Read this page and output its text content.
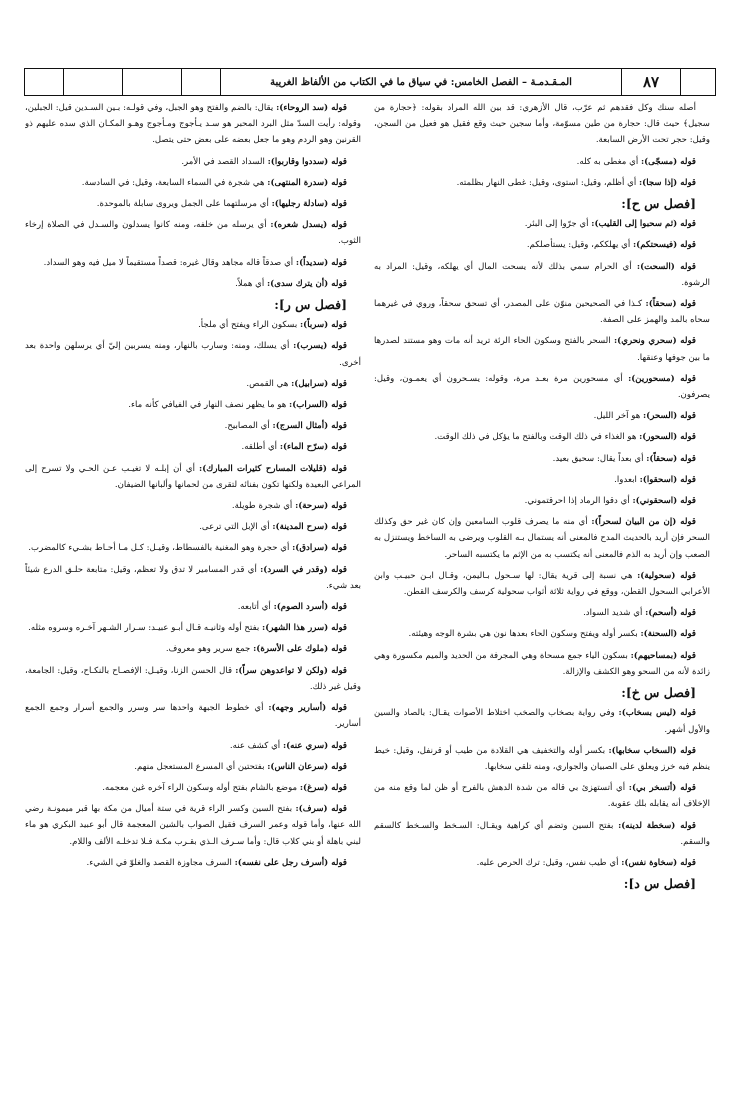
المـقـدمـة – الفصل الخامس: في سياق ما في الكتاب من الألفاظ الغريبة	٨٧

أصله سنك وكل فقدهم ثم عرّب، قال الأزهري: قد بين الله المراد بقوله: ﴿حجارة من سجيل﴾ حيث قال: حجارة من طين مسوّمة، وأما سجين حيث وقع فقيل هو فعيل من السجن، وقيل: حجر تحت الأرض السابعة.

قوله (مسجّى): أي مغطى به كله.

قوله (إذا سجا): أي أظلم، وقيل: استوى، وقيل: غطى النهار بظلمته.

[فصل س ح]:

قوله (ثم سحبوا إلى القليب): أي جرّوا إلى البئر.

قوله (فيسحتكم): أي يهلككم، وقيل: يستأصلكم.

قوله (السحت): أي الحرام سمي بذلك لأنه يسحت المال أي يهلكه، وقيل: المراد به الرشوة.

قوله (سحقاً): كـذا في الصحيحين منوّن على المصدر، أي تسحق سحقاً، وروي في غيرهما سحاه بالمد والهمز على الصفة.

قوله (سحري ونحري): السحر بالفتح وسكون الحاء الرئة تريد أنه مات وهو مستند لصدرها ما بين جوفها وعنقها.

قوله (مسحورين): أي مسحورين مرة بعـد مرة، وقوله: يسـحرون أي يعمـون، وقيل: يصرفون.

قوله (السحر): هو آخر الليل.

قوله (السحور): هو الغذاء في ذلك الوقت وبالفتح ما يؤكل في ذلك الوقت.

قوله (سحقاً): أي بعداً يقال: سحيق بعيد.

قوله (اسحقوا): ابعدوا.

قوله (اسحقوني): أي دقوا الرماد إذا احرقتموني.

قوله (إن من البيان لسحراً): أي منه ما يصرف قلوب السامعين وإن كان غير حق وكذلك السحر فإن أريد بالحديث المدح فالمعنى أنه يستمال بـه القلوب ويرضى به الساخط ويستنزل به الصعب وإن أريد به الذم فالمعنى أنه يكتسب به من الإثم ما يكتسبه الساحر.

قوله (سحولية): هي نسبة إلى قرية يقال: لها سـحول بـاليمن، وقـال ابـن حبيـب وابن الأعرابي السحول القطن، ووقع في رواية ثلاثة أثواب سحولية كرسف والكرسف القطن.

قوله (أسحم): أي شديد السواد.

قوله (السحنة): بكسر أوله ويفتح وسكون الحاء بعدها نون هي بشرة الوجه وهيئته.

قوله (بمساحيهم): بسكون الياء جمع مسحاة وهي المجرفة من الحديد والميم مكسورة وهي زائدة لأنه من السحو وهو الكشف والإزالة.

[فصل س خ]:

قوله (ليس بسخاب): وفي رواية بصخاب والصخب اختلاط الأصوات يقـال: بالصاد والسين والأول أشهر.

قوله (السخاب سخابها): بكسر أوله والتخفيف هي القلادة من طيب أو قرنفل، وقيل: خيط ينظم فيه خرز ويعلق على الصبيان والجواري، ومنه تلقي سخابها.

قوله (أتسخر بي): أي أتستهزئ بي قاله من شدة الدهش بالفرح أو ظن لما وقع منه من الإخلاف أنه يقابله بلك عقوبة.

قوله (سخطة لدينه): بفتح السين وتضم أي كراهية ويقـال: السـخط والسـخط كالسقم والسقم.

قوله (سخاوة نفس): أي طيب نفس، وقيل: ترك الحرص عليه.

[فصل س د]:

قوله (سد الروحاء): يقال: بالضم والفتح وهو الجبل، وفي قولـه: بـين السـدين قيل: الجبلين، وقوله: رأيت السدّ مثل البرد المحبر هو سـد يـأجوج ومـأجوج وهـو المكـان الذي سده عليهم ذو القرنين وهو الردم وهو ما جعل بعضه على بعض حتى يتصل.

قوله (سددوا وقاربوا): السداد القصد في الأمر.

قوله (سدرة المنتهى): هي شجرة في السماء السابعة، وقيل: في السادسة.

قوله (سادلة رجليها): أي مرسلتهما على الجمل ويروى سابلة بالموحدة.

قوله (يسدل شعره): أي يرسله من خلفه، ومنه كانوا يسدلون والسـدل في الصلاة إرخاء الثوب.

قوله (سديداً): أي صدقاً قاله مجاهد وقال غيره: قصداً مستقيماً لا ميل فيه وهو السداد.

قوله (أن يترك سدى): أي هملاً.

[فصل س ر]:

قوله (سرباً): بسكون الراء ويفتح أي ملجأ.

قوله (يسرب): أي يسلك، ومنه: وسارب بالنهار، ومنه يسربين إليّ أي يرسلهن واحدة بعد أخرى.

قوله (سرابيل): هي القمص.

قوله (السراب): هو ما يظهر نصف النهار في الفيافي كأنه ماء.

قوله (أمثال السرج): أي المصابيح.

قوله (سرّح الماء): أي أطلقه.

قوله (قليلات المسارح كثيرات المبارك): أي أن إبلـه لا تغيـب عـن الحـي ولا تسرح إلى المراعي البعيدة ولكنها تكون بفنائه لتقرى من لحمانها وألبانها الضيفان.

قوله (سرحة): أي شجرة طويلة.

قوله (سرح المدينة): أي الإبل التي ترعى.

قوله (سرادق): أي حجرة وهو المغنية بالفسطاط، وقيـل: كـل مـا أحـاط بشـيء كالمضرب.

قوله (وقدر في السرد): أي قدر المسامير لا تدق ولا تعظم، وقيل: متابعة حلـق الدرع شيئاً بعد شيء.

قوله (أسرد الصوم): أي أتابعه.

قوله (سرر هذا الشهر): بفتح أوله وثانيـه قـال أبـو عبيـد: سـرار الشـهر آخـره وسروه مثله.

قوله (ملوك على الأسرة): جمع سرير وهو معروف.

قوله (ولكن لا تواعدوهن سراً): قال الحسن الزنا، وقيـل: الإفصـاح بالنكـاح، وقيل: الجامعة، وقيل غير ذلك.

قوله (أسارير وجهه): أي خطوط الجبهة واحدها سر وسرر والجمع أسرار وجمع الجمع أسارير.

قوله (سري عنه): أي كشف عنه.

قوله (سرعان الناس): بفتحتين أي المسرع المستعجل منهم.

قوله (سرغ): موضع بالشام بفتح أوله وسكون الراء آخره غين معجمه.

قوله (سرف): بفتح السين وكسر الراء قرية في ستة أميال من مكة بها قبر ميمونـة رضي الله عنها، وأما قوله وعمر السرف فقيل الصواب بالشين المعجمة قال أبو عبيد البكري هو ماء لبني باهلة أو بني كلاب قال: وأما سـرف الـذي بقـرب مكـة فـلا تدخلـه الألف واللام.

قوله (أسرف رجل على نفسه): السرف مجاوزة القصد والغلوّ في الشيء.
